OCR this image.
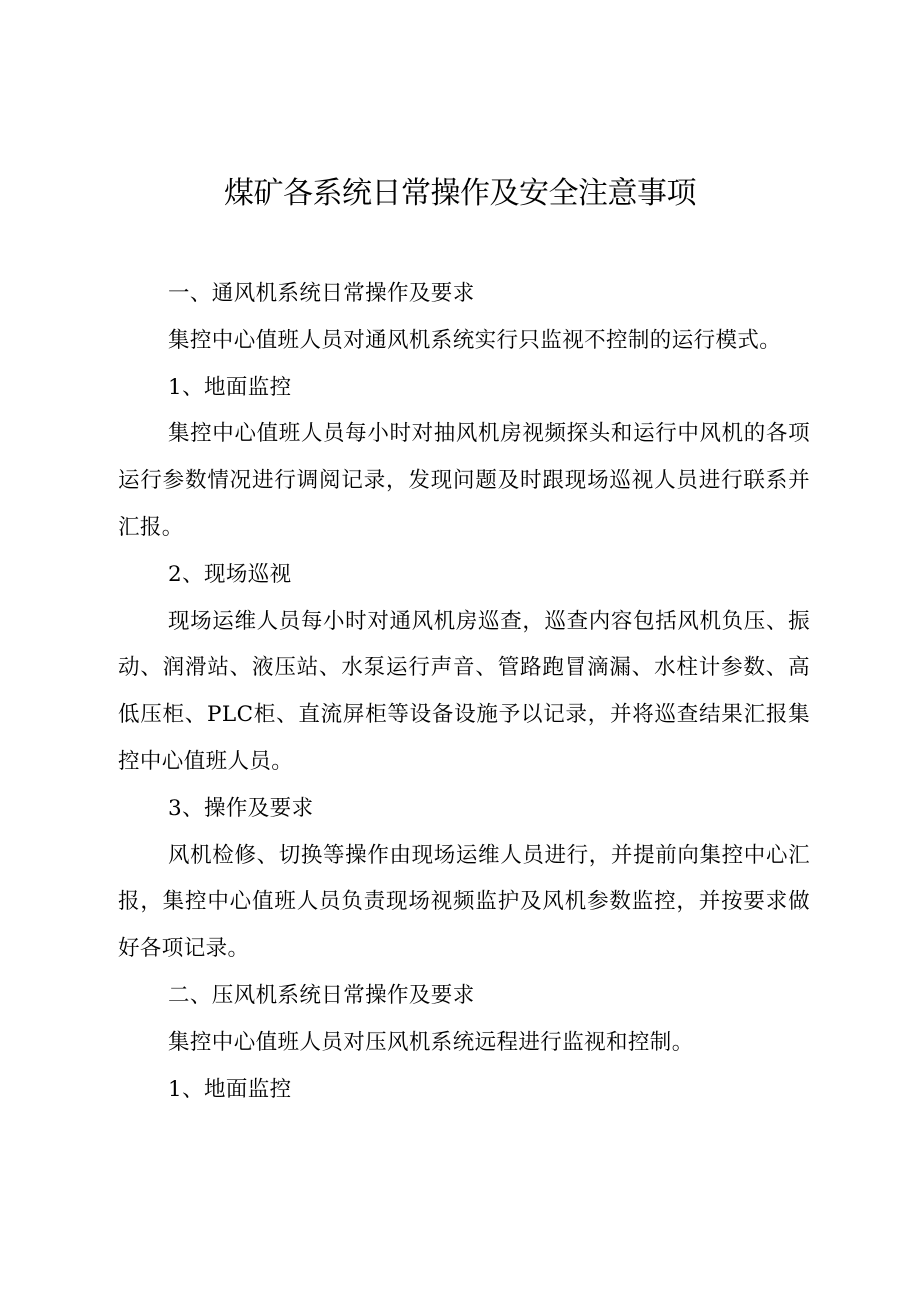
煤矿各系统日常操作及安全注意事项

一、通风机系统日常操作及要求

集控中心值班人员对通风机系统实行只监视不控制的运行模式。

1、地面监控

集控中心值班人员每小时对抽风机房视频探头和运行中风机的各项运行参数情况进行调阅记录，发现问题及时跟现场巡视人员进行联系并汇报。

2、现场巡视

现场运维人员每小时对通风机房巡查，巡查内容包括风机负压、振动、润滑站、液压站、水泵运行声音、管路跑冒滴漏、水柱计参数、高低压柜、PLC柜、直流屏柜等设备设施予以记录，并将巡查结果汇报集控中心值班人员。

3、操作及要求

风机检修、切换等操作由现场运维人员进行，并提前向集控中心汇报，集控中心值班人员负责现场视频监护及风机参数监控，并按要求做好各项记录。

二、压风机系统日常操作及要求

集控中心值班人员对压风机系统远程进行监视和控制。

1、地面监控
